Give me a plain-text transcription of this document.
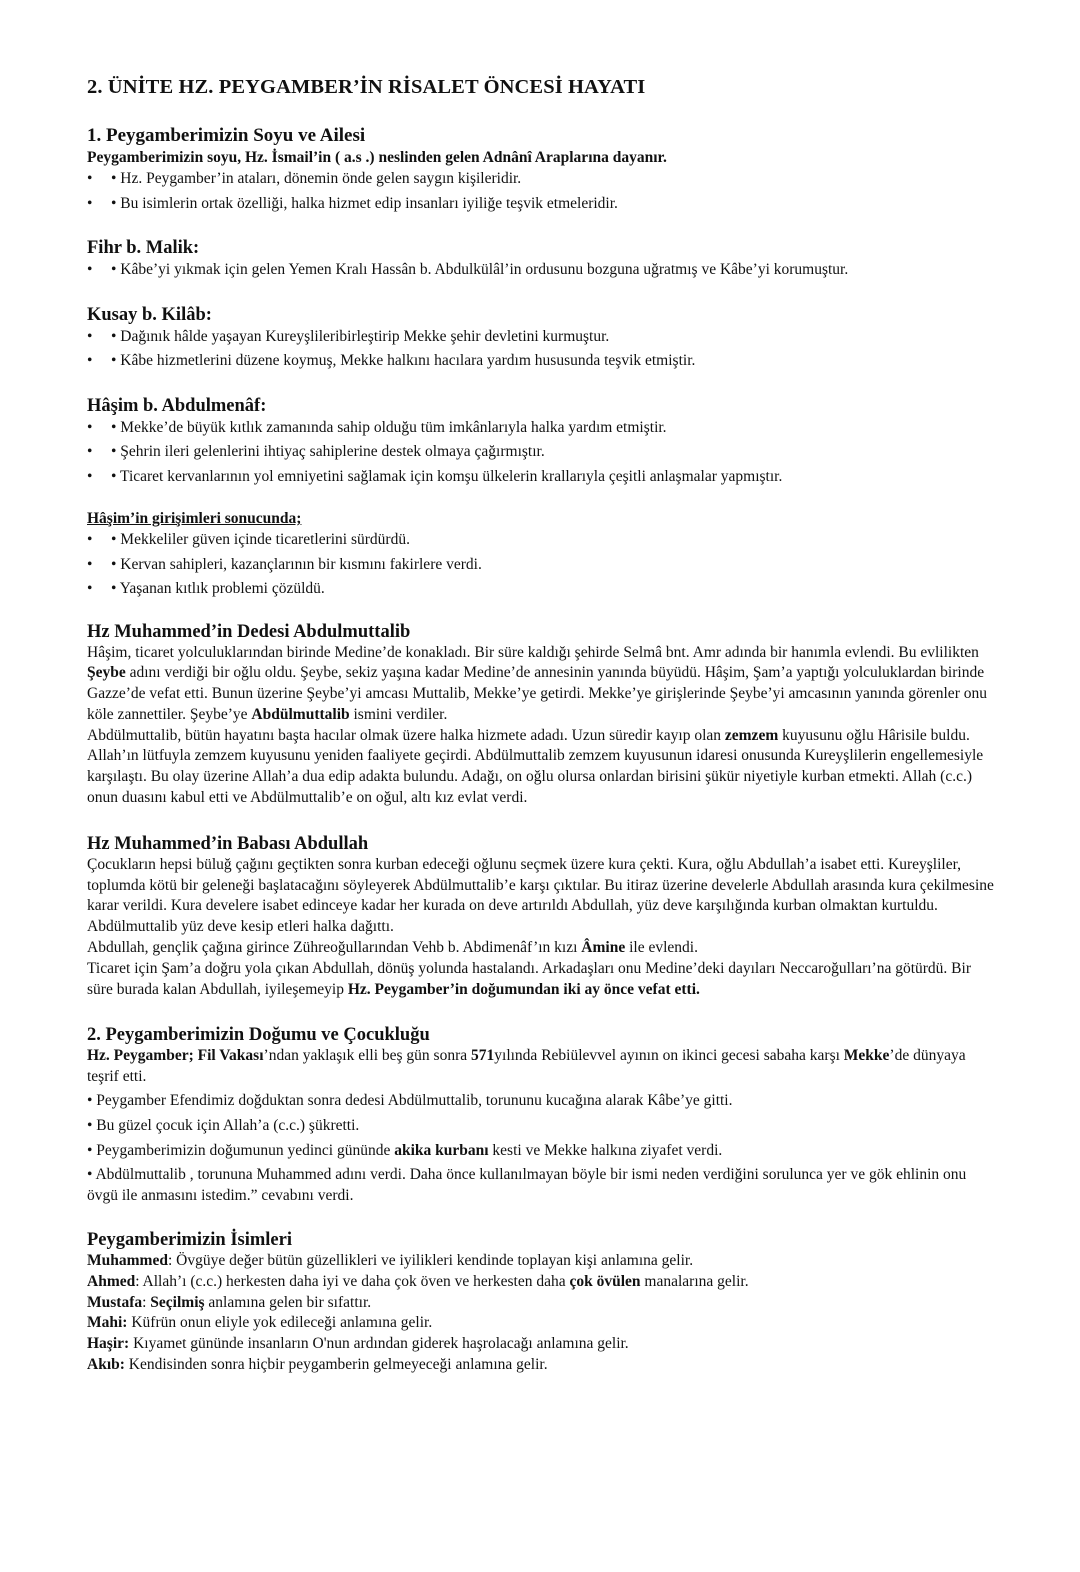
2. ÜNİTE HZ. PEYGAMBER’İN RİSALET ÖNCESİ HAYATI
1. Peygamberimizin Soyu ve Ailesi
Peygamberimizin soyu, Hz. İsmail’in ( a.s .) neslinden gelen Adnânî Araplarına dayanır.
•	• Hz. Peygamber’in ataları, dönemin önde gelen saygın kişileridir.
•	• Bu isimlerin ortak özelliği, halka hizmet edip insanları iyiliğe teşvik etmeleridir.
Fihr b. Malik:
•	• Kâbe’yi yıkmak için gelen Yemen Kralı Hassân b. Abdulkülâl’in ordusunu bozguna uğratmış ve Kâbe’yi korumuştur.
Kusay b. Kilâb:
•	• Dağınık hâlde yaşayan Kureyşlileribirleştirip Mekke şehir devletini kurmuştur.
•	• Kâbe hizmetlerini düzene koymuş, Mekke halkını hacılara yardım hususunda teşvik etmiştir.
Hâşim b. Abdulmenâf:
•	• Mekke’de büyük kıtlık zamanında sahip olduğu tüm imkânlarıyla halka yardım etmiştir.
•	• Şehrin ileri gelenlerini ihtiyaç sahiplerine destek olmaya çağırmıştır.
•	• Ticaret kervanlarının yol emniyetini sağlamak için komşu ülkelerin krallarıyla çeşitli anlaşmalar yapmıştır.
Hâşim’in girişimleri sonucunda;
•	• Mekkeliler güven içinde ticaretlerini sürdürdü.
•	• Kervan sahipleri, kazançlarının bir kısmını fakirlere verdi.
•	• Yaşanan kıtlık problemi çözüldü.
Hz Muhammed’in Dedesi Abdulmuttalib

Hâşim, ticaret yolculuklarından birinde Medine’de konakladı. Bir süre kaldığı şehirde Selmâ bnt. Amr adında bir hanımla evlendi. Bu evlilikten Şeybe adını verdiği bir oğlu oldu. Şeybe, sekiz yaşına kadar Medine’de annesinin yanında büyüdü. Hâşim, Şam’a yaptığı yolculuklardan birinde Gazze’de vefat etti. Bunun üzerine Şeybe’yi amcası Muttalib, Mekke’ye getirdi. Mekke’ye girişlerinde Şeybe’yi amcasının yanında görenler onu köle zannettiler. Şeybe’ye Abdülmuttalib ismini verdiler.

Abdülmuttalib, bütün hayatını başta hacılar olmak üzere halka hizmete adadı. Uzun süredir kayıp olan zemzem kuyusunu oğlu Hârisile buldu. Allah’ın lütfuyla zemzem kuyusunu yeniden faaliyete geçirdi. Abdülmuttalib zemzem kuyusunun idaresi onusunda Kureyşlilerin engellemesiyle karşılaştı. Bu olay üzerine Allah’a dua edip adakta bulundu. Adağı, on oğlu olursa onlardan birisini şükür niyetiyle kurban etmekti. Allah (c.c.) onun duasını kabul etti ve Abdülmuttalib’e on oğul, altı kız evlat verdi.

Hz Muhammed’in Babası Abdullah

Çocukların hepsi büluğ çağını geçtikten sonra kurban edeceği oğlunu seçmek üzere kura çekti. Kura, oğlu Abdullah’a isabet etti. Kureyşliler, toplumda kötü bir geleneği başlatacağını söyleyerek Abdülmuttalib’e karşı çıktılar. Bu itiraz üzerine develerle Abdullah arasında kura çekilmesine karar verildi. Kura develere isabet edinceye kadar her kurada on deve artırıldı Abdullah, yüz deve karşılığında kurban olmaktan kurtuldu. Abdülmuttalib yüz deve kesip etleri halka dağıttı.

Abdullah, gençlik çağına girince Zühreoğullarından Vehb b. Abdimenâf’ın kızı Âmine ile evlendi.

Ticaret için Şam’a doğru yola çıkan Abdullah, dönüş yolunda hastalandı. Arkadaşları onu Medine’deki dayıları Neccaroğulları’na götürdü. Bir süre burada kalan Abdullah, iyileşemeyip Hz. Peygamber’in doğumundan iki ay önce vefat etti.

2. Peygamberimizin Doğumu ve Çocukluğu

Hz. Peygamber; Fil Vakası’ndan yaklaşık elli beş gün sonra 571yılında Rebiülevvel ayının on ikinci gecesi sabaha karşı Mekke’de dünyaya teşrif etti.

• Peygamber Efendimiz doğduktan sonra dedesi Abdülmuttalib, torununu kucağına alarak Kâbe’ye gitti.
• Bu güzel çocuk için Allah’a (c.c.) şükretti.
• Peygamberimizin doğumunun yedinci gününde akika kurbanı kesti ve Mekke halkına ziyafet verdi.
• Abdülmuttalib , torununa Muhammed adını verdi. Daha önce kullanılmayan böyle bir ismi neden verdiğini sorulunca yer ve gök ehlinin onu övgü ile anmasını istedim.” cevabını verdi.
Peygamberimizin İsimleri

Muhammed: Övgüye değer bütün güzellikleri ve iyilikleri kendinde toplayan kişi anlamına gelir.

Ahmed: Allah’ı (c.c.) herkesten daha iyi ve daha çok öven ve herkesten daha çok övülen manalarına gelir.

Mustafa: Seçilmiş anlamına gelen bir sıfattır.

Mahi: Küfrün onun eliyle yok edileceği anlamına gelir.

Haşir: Kıyamet gününde insanların O'nun ardından giderek haşrolacağı anlamına gelir.

Akıb: Kendisinden sonra hiçbir peygamberin gelmeyeceği anlamına gelir.
